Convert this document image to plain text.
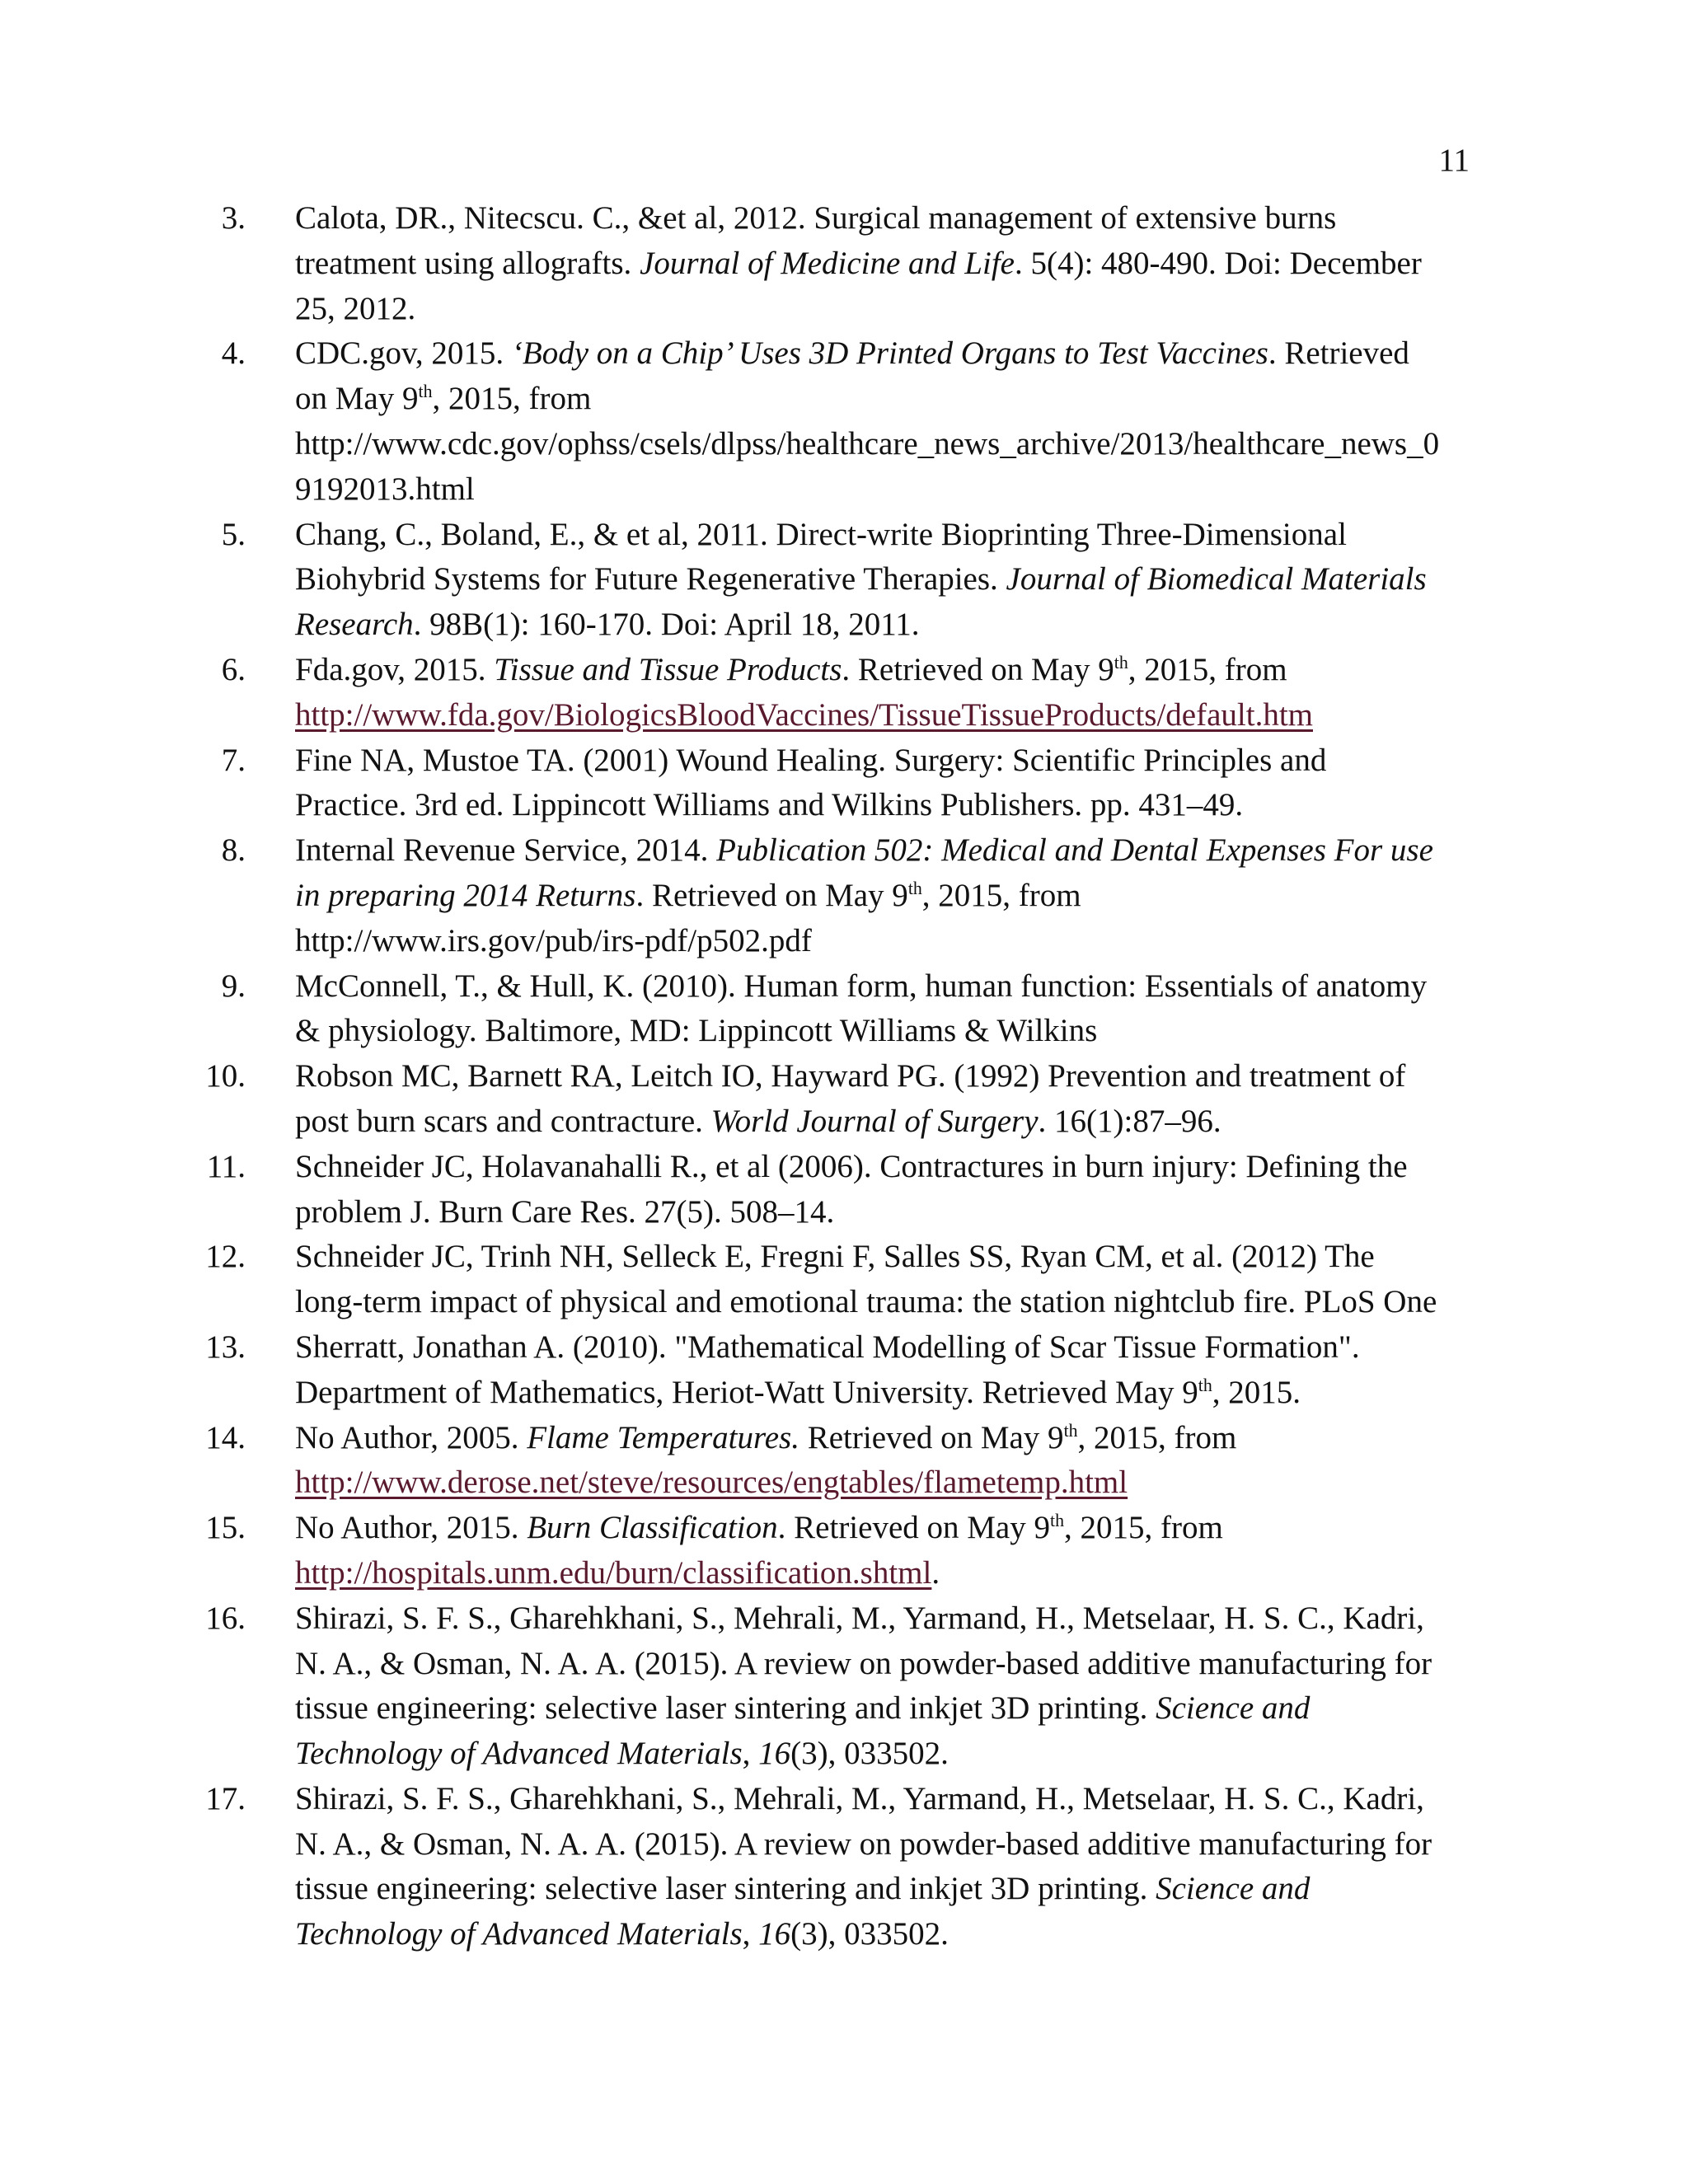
11
3. Calota, DR., Nitecscu. C., &et al, 2012. Surgical management of extensive burns
treatment using allografts. Journal of Medicine and Life. 5(4): 480-490. Doi: December
25, 2012.
4. CDC.gov, 2015. ‘Body on a Chip’ Uses 3D Printed Organs to Test Vaccines. Retrieved
on May 9th, 2015, from
http://www.cdc.gov/ophss/csels/dlpss/healthcare_news_archive/2013/healthcare_news_0
9192013.html
5. Chang, C., Boland, E., & et al, 2011. Direct-write Bioprinting Three-Dimensional
Biohybrid Systems for Future Regenerative Therapies. Journal of Biomedical Materials
Research. 98B(1): 160-170. Doi: April 18, 2011.
6. Fda.gov, 2015. Tissue and Tissue Products. Retrieved on May 9th, 2015, from
http://www.fda.gov/BiologicsBloodVaccines/TissueTissueProducts/default.htm
7. Fine NA, Mustoe TA. (2001) Wound Healing. Surgery: Scientific Principles and
Practice. 3rd ed. Lippincott Williams and Wilkins Publishers. pp. 431–49.
8. Internal Revenue Service, 2014. Publication 502: Medical and Dental Expenses For use
in preparing 2014 Returns. Retrieved on May 9th, 2015, from
http://www.irs.gov/pub/irs-pdf/p502.pdf
9. McConnell, T., & Hull, K. (2010). Human form, human function: Essentials of anatomy
& physiology. Baltimore, MD: Lippincott Williams & Wilkins
10. Robson MC, Barnett RA, Leitch IO, Hayward PG. (1992) Prevention and treatment of
post burn scars and contracture. World Journal of Surgery. 16(1):87–96.
11. Schneider JC, Holavanahalli R., et al (2006). Contractures in burn injury: Defining the
problem J. Burn Care Res. 27(5). 508–14.
12. Schneider JC, Trinh NH, Selleck E, Fregni F, Salles SS, Ryan CM, et al. (2012) The
long-term impact of physical and emotional trauma: the station nightclub fire. PLoS One
13. Sherratt, Jonathan A. (2010). "Mathematical Modelling of Scar Tissue Formation".
Department of Mathematics, Heriot-Watt University. Retrieved May 9th, 2015.
14. No Author, 2005. Flame Temperatures. Retrieved on May 9th, 2015, from
http://www.derose.net/steve/resources/engtables/flametemp.html
15. No Author, 2015. Burn Classification. Retrieved on May 9th, 2015, from
http://hospitals.unm.edu/burn/classification.shtml.
16. Shirazi, S. F. S., Gharehkhani, S., Mehrali, M., Yarmand, H., Metselaar, H. S. C., Kadri,
N. A., & Osman, N. A. A. (2015). A review on powder-based additive manufacturing for
tissue engineering: selective laser sintering and inkjet 3D printing. Science and
Technology of Advanced Materials, 16(3), 033502.
17. Shirazi, S. F. S., Gharehkhani, S., Mehrali, M., Yarmand, H., Metselaar, H. S. C., Kadri,
N. A., & Osman, N. A. A. (2015). A review on powder-based additive manufacturing for
tissue engineering: selective laser sintering and inkjet 3D printing. Science and
Technology of Advanced Materials, 16(3), 033502.
